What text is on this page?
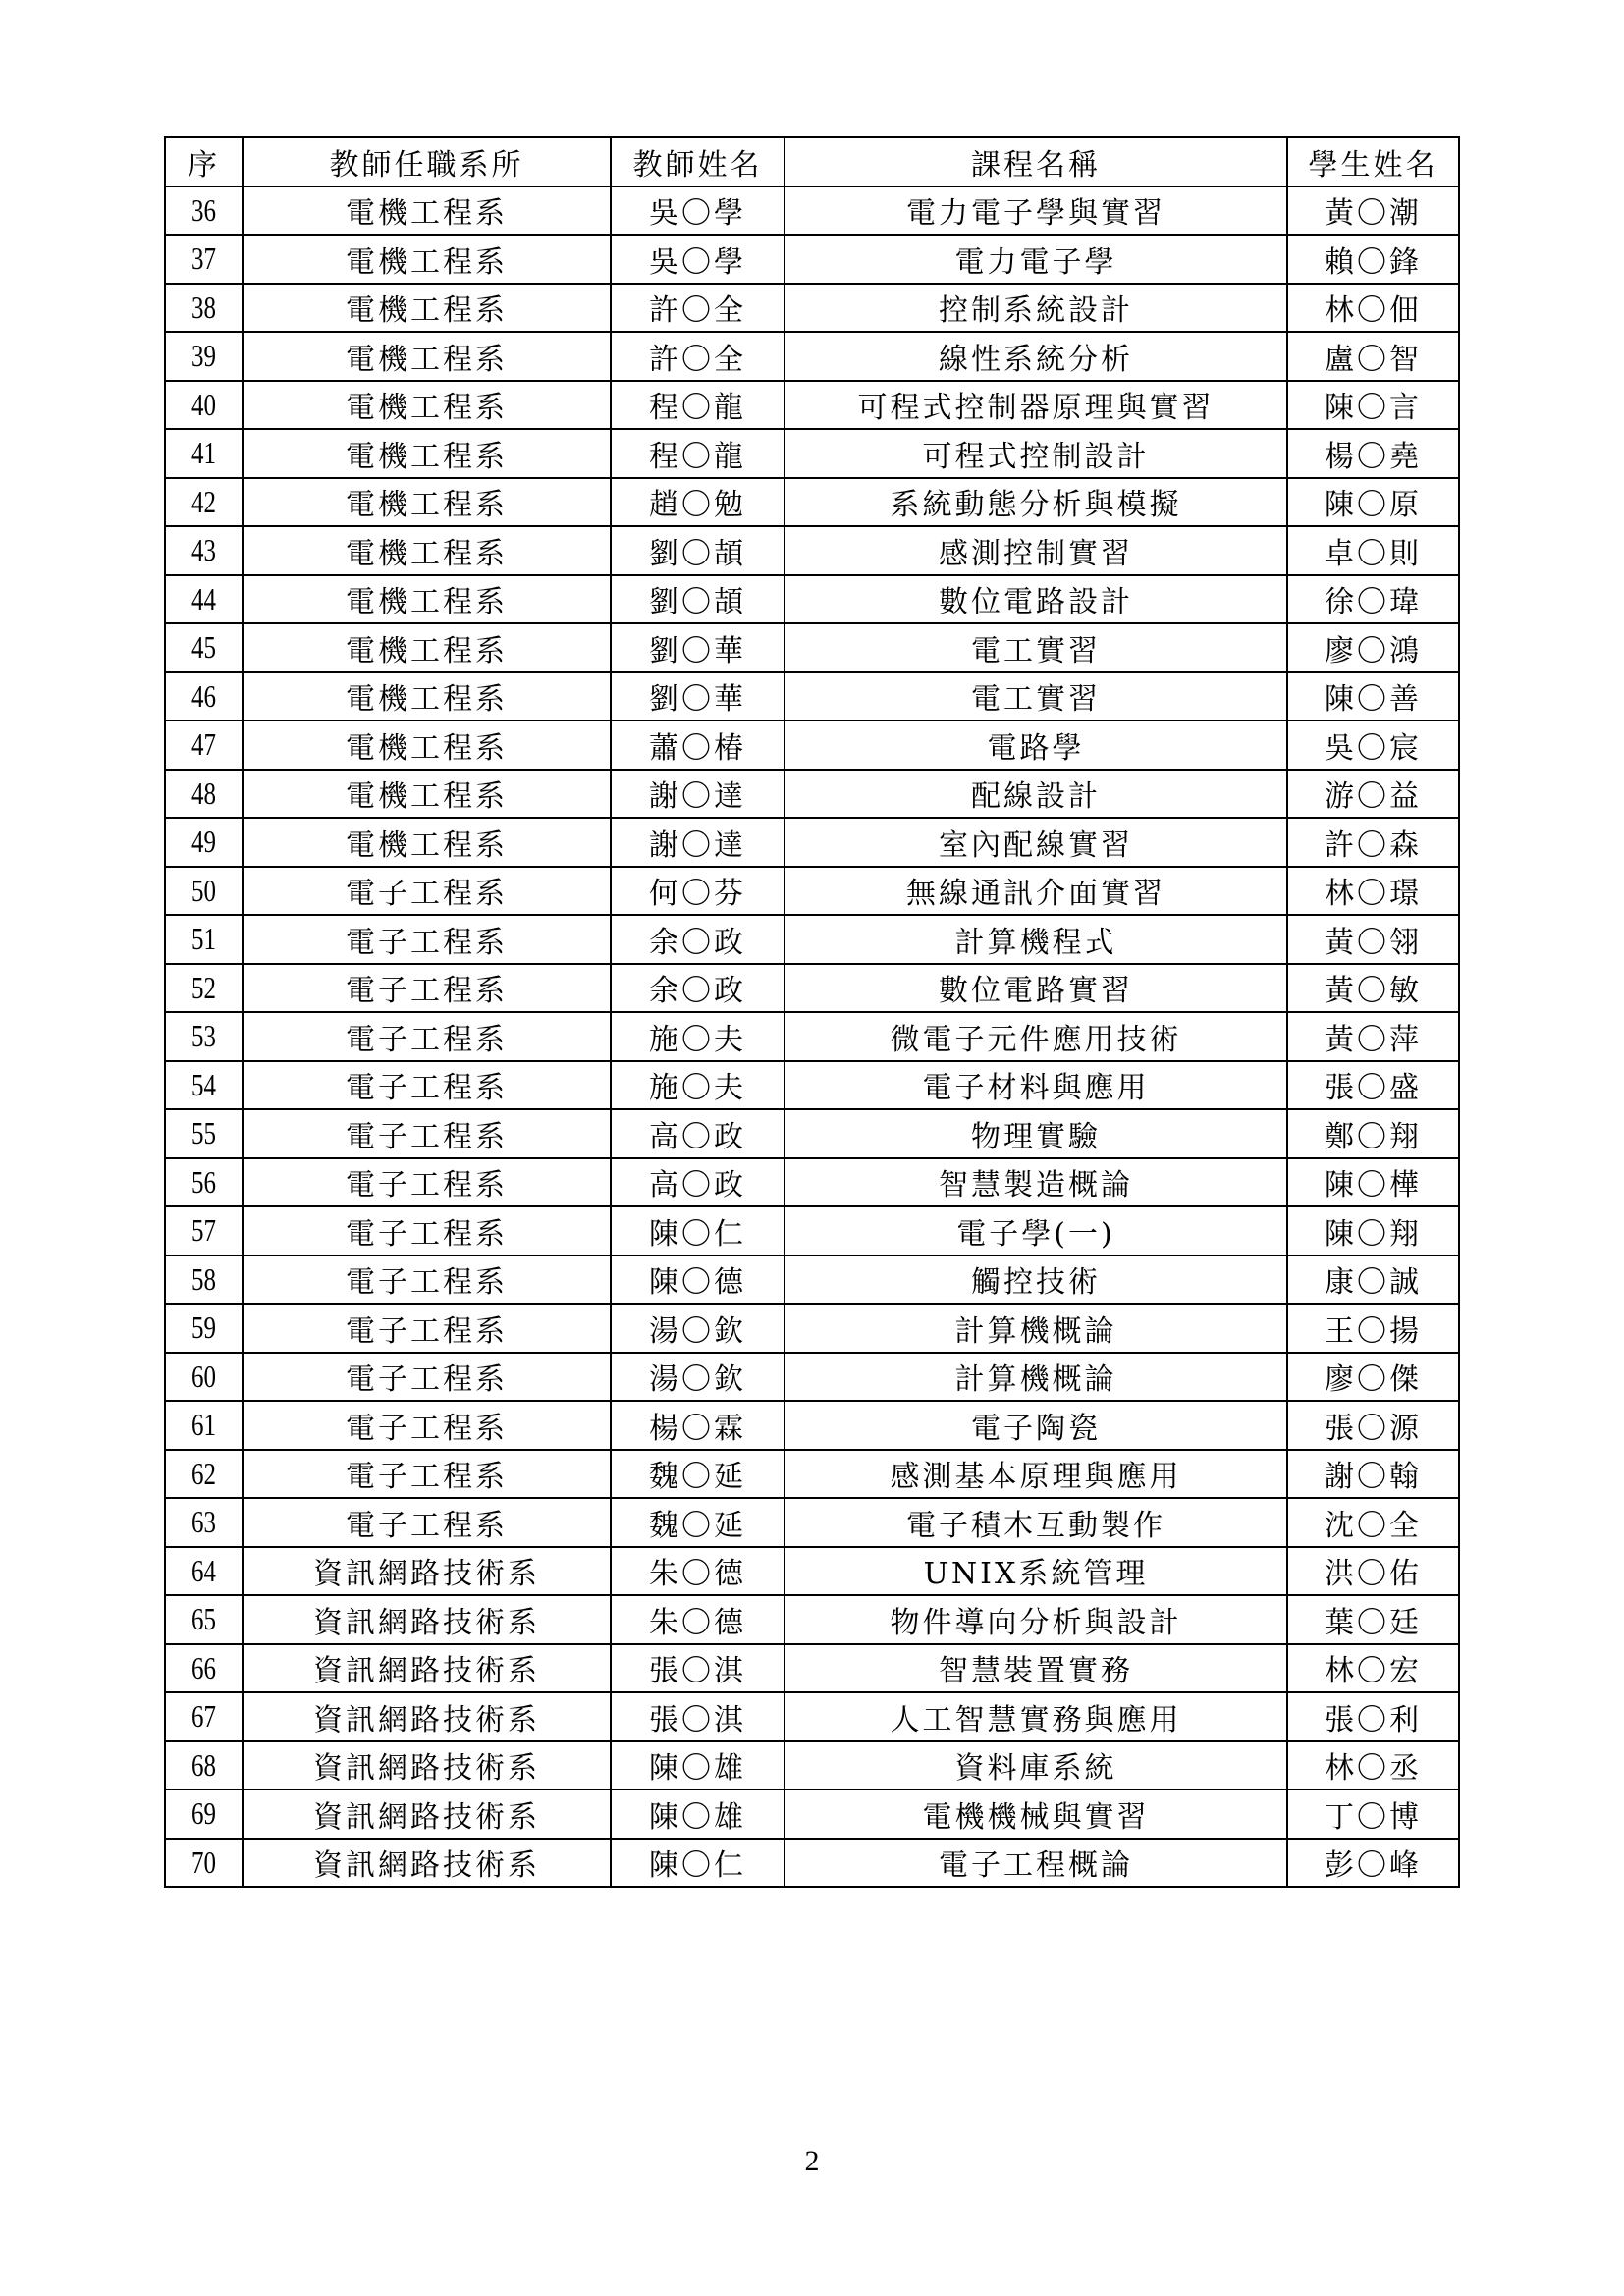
序	教師任職系所	教師姓名	課程名稱	學生姓名
36	電機工程系	吳〇學	電力電子學與實習	黃〇潮
37	電機工程系	吳〇學	電力電子學	賴〇鋒
38	電機工程系	許〇全	控制系統設計	林〇佃
39	電機工程系	許〇全	線性系統分析	盧〇智
40	電機工程系	程〇龍	可程式控制器原理與實習	陳〇言
41	電機工程系	程〇龍	可程式控制設計	楊〇堯
42	電機工程系	趙〇勉	系統動態分析與模擬	陳〇原
43	電機工程系	劉〇頡	感測控制實習	卓〇則
44	電機工程系	劉〇頡	數位電路設計	徐〇瑋
45	電機工程系	劉〇華	電工實習	廖〇鴻
46	電機工程系	劉〇華	電工實習	陳〇善
47	電機工程系	蕭〇椿	電路學	吳〇宸
48	電機工程系	謝〇達	配線設計	游〇益
49	電機工程系	謝〇達	室內配線實習	許〇森
50	電子工程系	何〇芬	無線通訊介面實習	林〇璟
51	電子工程系	余〇政	計算機程式	黃〇翎
52	電子工程系	余〇政	數位電路實習	黃〇敏
53	電子工程系	施〇夫	微電子元件應用技術	黃〇萍
54	電子工程系	施〇夫	電子材料與應用	張〇盛
55	電子工程系	高〇政	物理實驗	鄭〇翔
56	電子工程系	高〇政	智慧製造概論	陳〇樺
57	電子工程系	陳〇仁	電子學(一)	陳〇翔
58	電子工程系	陳〇德	觸控技術	康〇誠
59	電子工程系	湯〇欽	計算機概論	王〇揚
60	電子工程系	湯〇欽	計算機概論	廖〇傑
61	電子工程系	楊〇霖	電子陶瓷	張〇源
62	電子工程系	魏〇延	感測基本原理與應用	謝〇翰
63	電子工程系	魏〇延	電子積木互動製作	沈〇全
64	資訊網路技術系	朱〇德	UNIX系統管理	洪〇佑
65	資訊網路技術系	朱〇德	物件導向分析與設計	葉〇廷
66	資訊網路技術系	張〇淇	智慧裝置實務	林〇宏
67	資訊網路技術系	張〇淇	人工智慧實務與應用	張〇利
68	資訊網路技術系	陳〇雄	資料庫系統	林〇丞
69	資訊網路技術系	陳〇雄	電機機械與實習	丁〇博
70	資訊網路技術系	陳〇仁	電子工程概論	彭〇峰
2
